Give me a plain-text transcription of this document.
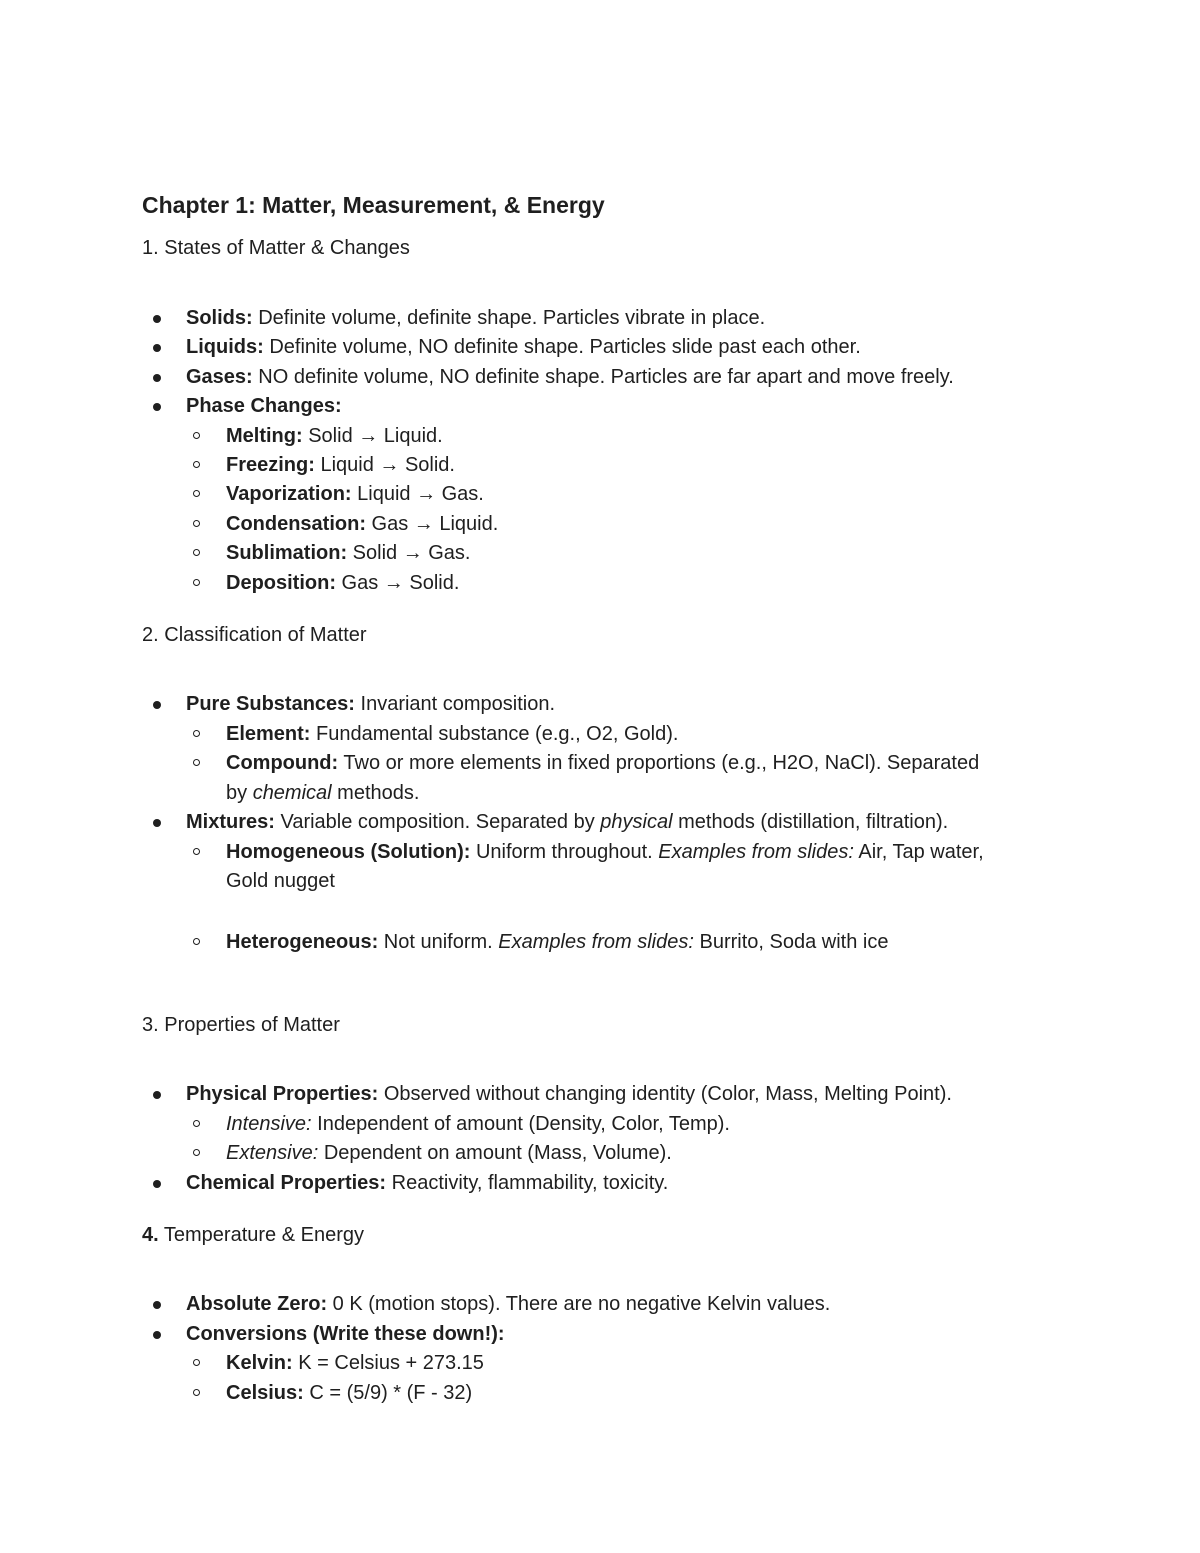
Chapter 1: Matter, Measurement, & Energy
1. States of Matter & Changes
Solids: Definite volume, definite shape. Particles vibrate in place.
Liquids: Definite volume, NO definite shape. Particles slide past each other.
Gases: NO definite volume, NO definite shape. Particles are far apart and move freely.
Phase Changes:
Melting: Solid → Liquid.
Freezing: Liquid → Solid.
Vaporization: Liquid → Gas.
Condensation: Gas → Liquid.
Sublimation: Solid → Gas.
Deposition: Gas → Solid.
2. Classification of Matter
Pure Substances: Invariant composition.
Element: Fundamental substance (e.g., O2, Gold).
Compound: Two or more elements in fixed proportions (e.g., H2O, NaCl). Separated
by chemical methods.
Mixtures: Variable composition. Separated by physical methods (distillation, filtration).
Homogeneous (Solution): Uniform throughout. Examples from slides: Air, Tap water,
Gold nugget
Heterogeneous: Not uniform. Examples from slides: Burrito, Soda with ice
3. Properties of Matter
Physical Properties: Observed without changing identity (Color, Mass, Melting Point).
Intensive: Independent of amount (Density, Color, Temp).
Extensive: Dependent on amount (Mass, Volume).
Chemical Properties: Reactivity, flammability, toxicity.
4. Temperature & Energy
Absolute Zero: 0 K (motion stops). There are no negative Kelvin values.
Conversions (Write these down!):
Kelvin: K = Celsius + 273.15
Celsius: C = (5/9) * (F - 32)
